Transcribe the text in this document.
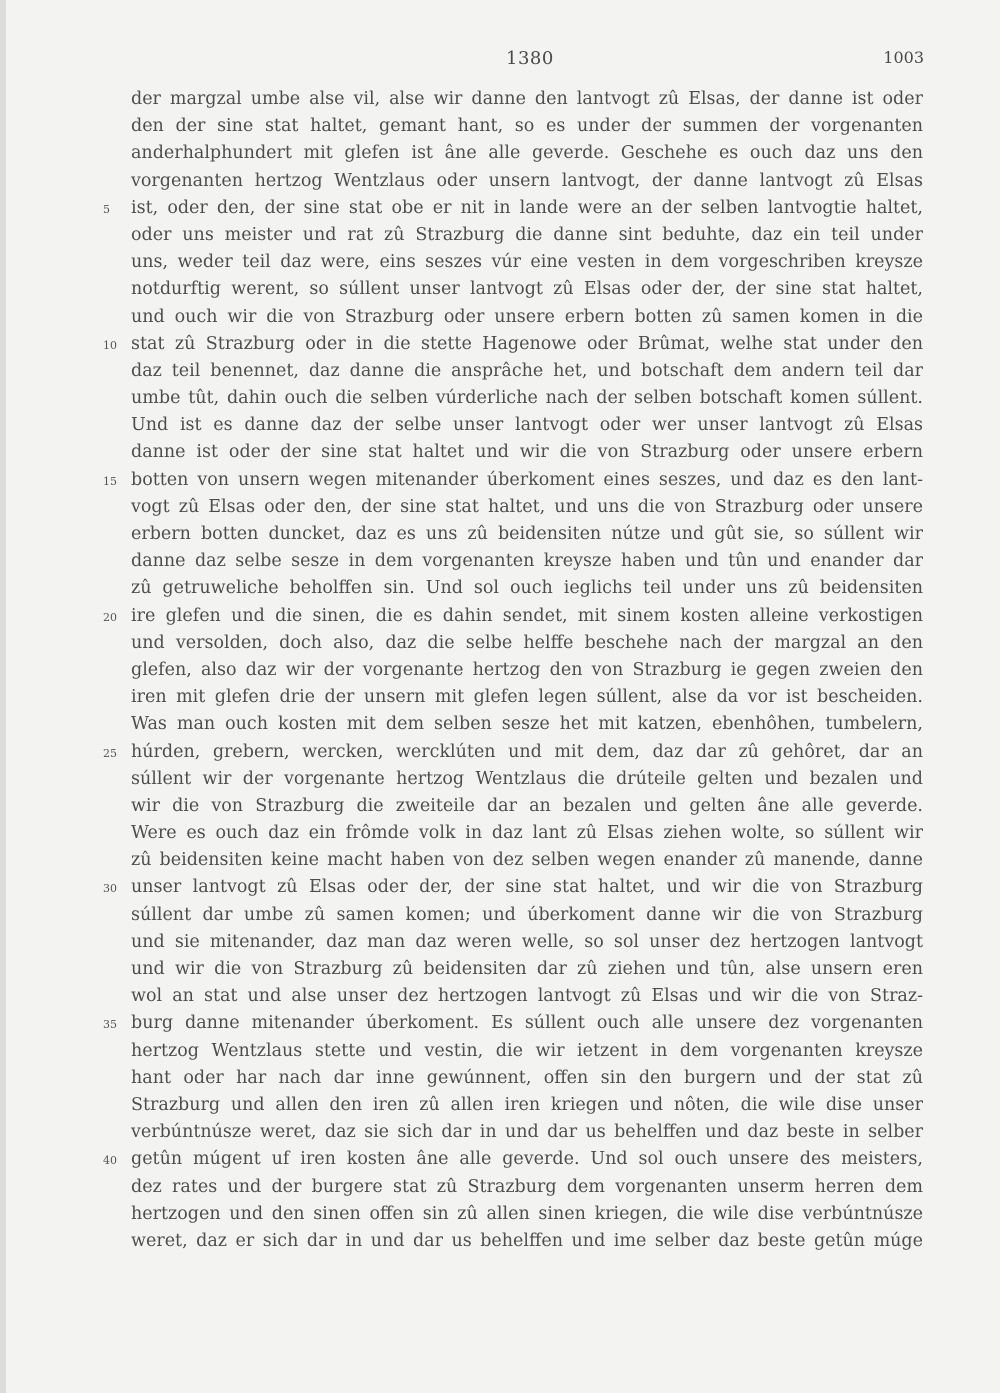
1380	1003
der margzal umbe alse vil, alse wir danne den lantvogt zû Elsas, der danne ist oder
den der sine stat haltet, gemant hant, so es under der summen der vorgenanten
anderhalphundert mit glefen ist âne alle geverde. Geschehe es ouch daz uns den
vorgenanten hertzog Wentzlaus oder unsern lantvogt, der danne lantvogt zû Elsas
5	ist, oder den, der sine stat obe er nit in lande were an der selben lantvogtie haltet,
oder uns meister und rat zû Strazburg die danne sint beduhte, daz ein teil under
uns, weder teil daz were, eins seszes vúr eine vesten in dem vorgeschriben kreysze
notdurftig werent, so súllent unser lantvogt zû Elsas oder der, der sine stat haltet,
und ouch wir die von Strazburg oder unsere erbern botten zû samen komen in die
10 stat zû Strazburg oder in die stette Hagenowe oder Brûmat, welhe stat under den
daz teil benennet, daz danne die ansprâche het, und botschaft dem andern teil dar
umbe tût, dahin ouch die selben vúrderliche nach der selben botschaft komen súllent.
Und ist es danne daz der selbe unser lantvogt oder wer unser lantvogt zû Elsas
danne ist oder der sine stat haltet und wir die von Strazburg oder unsere erbern
15 botten von unsern wegen mitenander úberkoment eines seszes, und daz es den lant-
vogt zû Elsas oder den, der sine stat haltet, und uns die von Strazburg oder unsere
erbern botten duncket, daz es uns zû beidensiten nútze und gût sie, so súllent wir
danne daz selbe sesze in dem vorgenanten kreysze haben und tûn und enander dar
zû getruweliche beholffen sin. Und sol ouch ieglichs teil under uns zû beidensiten
20 ire glefen und die sinen, die es dahin sendet, mit sinem kosten alleine verkostigen
und versolden, doch also, daz die selbe helffe beschehe nach der margzal an den
glefen, also daz wir der vorgenante hertzog den von Strazburg ie gegen zweien den
iren mit glefen drie der unsern mit glefen legen súllent, alse da vor ist bescheiden.
Was man ouch kosten mit dem selben sesze het mit katzen, ebenhôhen, tumbelern,
25 húrden, grebern, wercken, wercklúten und mit dem, daz dar zû gehôret, dar an
súllent wir der vorgenante hertzog Wentzlaus die drúteile gelten und bezalen und
wir die von Strazburg die zweiteile dar an bezalen und gelten âne alle geverde.
Were es ouch daz ein frômde volk in daz lant zû Elsas ziehen wolte, so súllent wir
zû beidensiten keine macht haben von dez selben wegen enander zû manende, danne
30 unser lantvogt zû Elsas oder der, der sine stat haltet, und wir die von Strazburg
súllent dar umbe zû samen komen; und úberkoment danne wir die von Strazburg
und sie mitenander, daz man daz weren welle, so sol unser dez hertzogen lantvogt
und wir die von Strazburg zû beidensiten dar zû ziehen und tûn, alse unsern eren
wol an stat und alse unser dez hertzogen lantvogt zû Elsas und wir die von Straz-
35 burg danne mitenander úberkoment. Es súllent ouch alle unsere dez vorgenanten
hertzog Wentzlaus stette und vestin, die wir ietzent in dem vorgenanten kreysze
hant oder har nach dar inne gewúnnent, offen sin den burgern und der stat zû
Strazburg und allen den iren zû allen iren kriegen und nôten, die wile dise unser
verbúntnúsze weret, daz sie sich dar in und dar us behelffen und daz beste in selber
40 getûn múgent uf iren kosten âne alle geverde. Und sol ouch unsere des meisters,
dez rates und der burgere stat zû Strazburg dem vorgenanten unserm herren dem
hertzogen und den sinen offen sin zû allen sinen kriegen, die wile dise verbúntnúsze
weret, daz er sich dar in und dar us behelffen und ime selber daz beste getûn múge
